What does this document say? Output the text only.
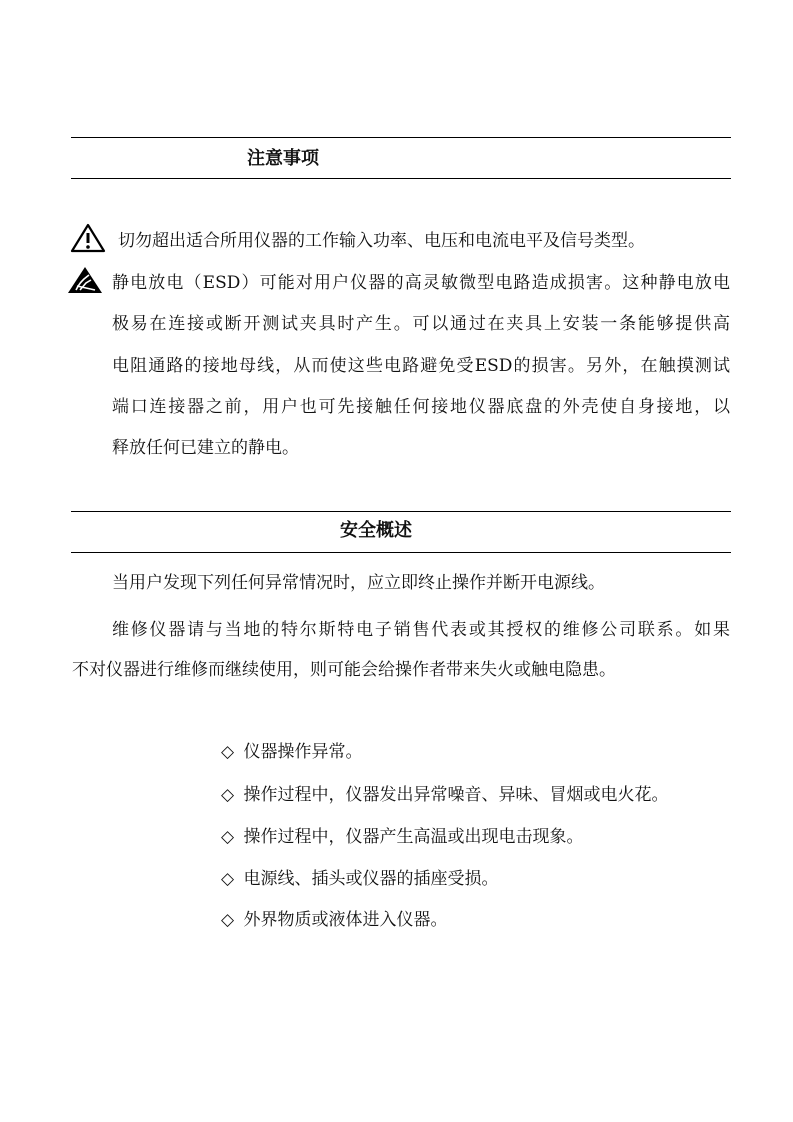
注意事项
切勿超出适合所用仪器的工作输入功率、电压和电流电平及信号类型。
静电放电（ESD）可能对用户仪器的高灵敏微型电路造成损害。这种静电放电
极易在连接或断开测试夹具时产生。可以通过在夹具上安装一条能够提供高
电阻通路的接地母线，从而使这些电路避免受ESD的损害。另外，在触摸测试
端口连接器之前，用户也可先接触任何接地仪器底盘的外壳使自身接地，以
释放任何已建立的静电。
安全概述
当用户发现下列任何异常情况时，应立即终止操作并断开电源线。
维修仪器请与当地的特尔斯特电子销售代表或其授权的维修公司联系。如果
不对仪器进行维修而继续使用，则可能会给操作者带来失火或触电隐患。
◇ 仪器操作异常。
◇ 操作过程中，仪器发出异常噪音、异味、冒烟或电火花。
◇ 操作过程中，仪器产生高温或出现电击现象。
◇ 电源线、插头或仪器的插座受损。
◇ 外界物质或液体进入仪器。
